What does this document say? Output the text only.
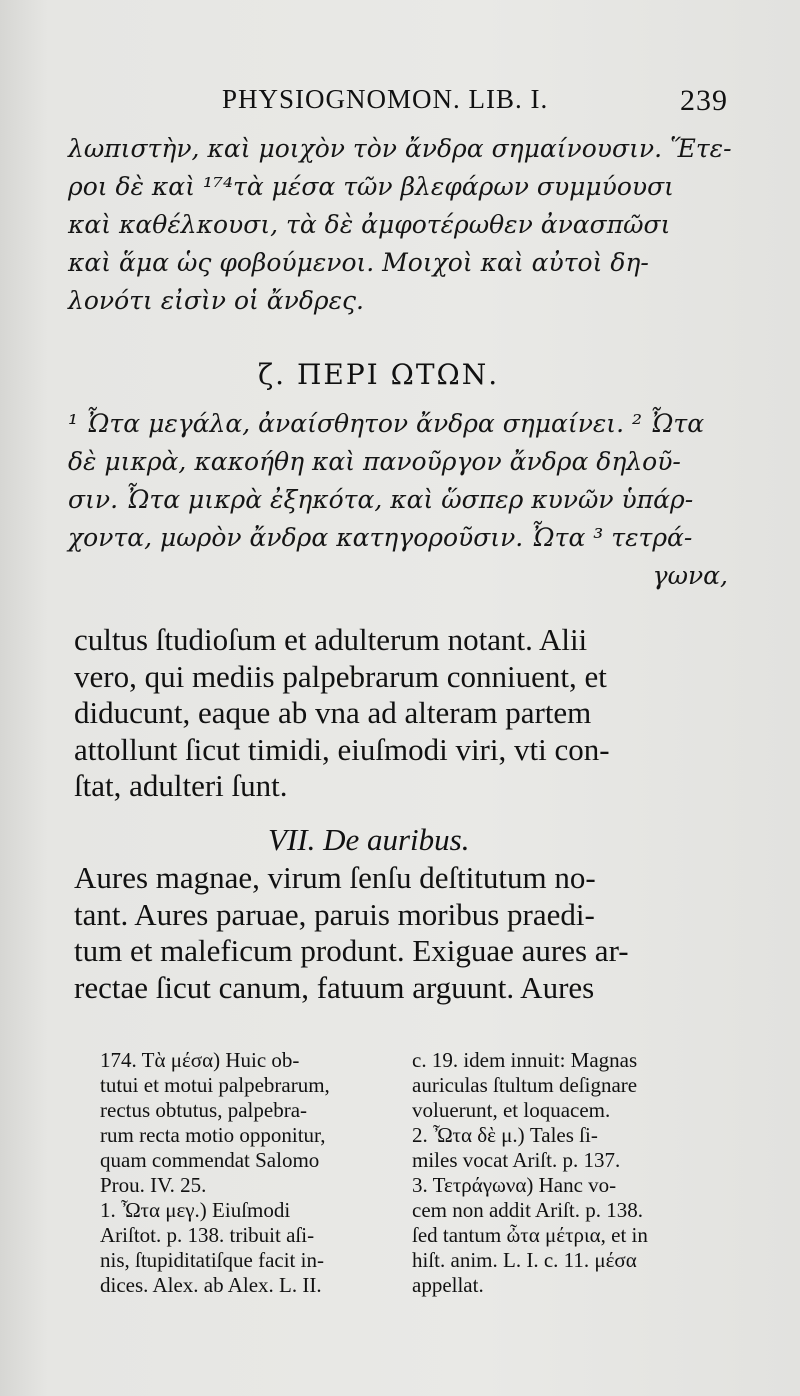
PHYSIOGNOMON. LIB. I.	239

λωπιστὴν, καὶ μοιχὸν τὸν ἄνδρα σημαίνουσιν. Ἕτε-

ροι δὲ καὶ ¹⁷⁴τὰ μέσα τῶν βλεφάρων συμμύουσι

καὶ καθέλκουσι, τὰ δὲ ἀμφοτέρωθεν ἀνασπῶσι

καὶ ἅμα ὡς φοβούμενοι. Μοιχοὶ καὶ αὐτοὶ δη-

λονότι εἰσὶν οἱ ἄνδρες.

ζ. ΠΕΡΙ ΩΤΩΝ.

¹ Ὦτα μεγάλα, ἀναίσθητον ἄνδρα σημαίνει. ² Ὦτα

δὲ μικρὰ, κακοήθη καὶ πανοῦργον ἄνδρα δηλοῦ-

σιν. Ὦτα μικρὰ ἐξηκότα, καὶ ὥσπερ κυνῶν ὑπάρ-

χοντα, μωρὸν ἄνδρα κατηγοροῦσιν. Ὦτα ³ τετρά-

γωνα,

cultus ſtudioſum et adulterum notant. Alii

vero, qui mediis palpebrarum conniuent, et

diducunt, eaque ab vna ad alteram partem

attollunt ſicut timidi, eiuſmodi viri, vti con-

ſtat, adulteri ſunt.

VII. De auribus.

Aures magnae, virum ſenſu deſtitutum no-

tant. Aures paruae, paruis moribus praedi-

tum et maleficum produnt. Exiguae aures ar-

rectae ſicut canum, fatuum arguunt. Aures

174. Τὰ μέσα) Huic ob-

tutui et motui palpebrarum,

rectus obtutus, palpebra-

rum recta motio opponitur,

quam commendat Salomo

Prou. IV. 25.

1. Ὦτα μεγ.) Eiuſmodi

Ariſtot. p. 138. tribuit aſi-

nis, ſtupiditatiſque facit in-

dices. Alex. ab Alex. L. II.

c. 19. idem innuit: Magnas

auriculas ſtultum deſignare

voluerunt, et loquacem.

2. Ὦτα δὲ μ.) Tales ſi-

miles vocat Ariſt. p. 137.

3. Τετράγωνα) Hanc vo-

cem non addit Ariſt. p. 138.

ſed tantum ὦτα μέτρια, et in

hiſt. anim. L. I. c. 11. μέσα

appellat.
